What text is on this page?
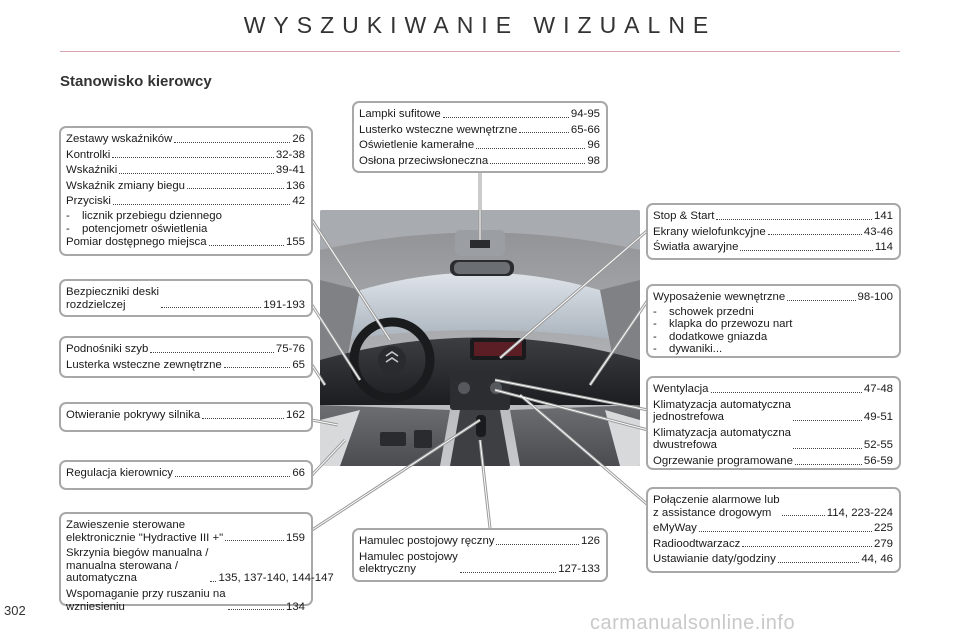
WYSZUKIWANIE WIZUALNE
Stanowisko kierowcy
Zestawy wskaźników	26
Kontrolki	32-38
Wskaźniki	39-41
Wskaźnik zmiany biegu	136
Przyciski	42
-	licznik przebiegu dziennego
-	potencjometr oświetlenia
Pomiar dostępnego miejsca	155
Bezpieczniki deski
rozdzielczej	191-193
Podnośniki szyb	75-76
Lusterka wsteczne zewnętrzne	65
Otwieranie pokrywy silnika	162
Regulacja kierownicy	66
Zawieszenie sterowane
elektronicznie "Hydractive III +"	159
Skrzynia biegów manualna /
manualna sterowana /
automatyczna	135, 137-140, 144-147
Wspomaganie przy ruszaniu na
wzniesieniu	134
Lampki sufitowe	94-95
Lusterko wsteczne wewnętrzne	65-66
Oświetlenie kamerałne	96
Osłona przeciwsłoneczna	98
Hamulec postojowy ręczny	126
Hamulec postojowy
elektryczny	127-133
Stop & Start	141
Ekrany wielofunkcyjne	43-46
Światła awaryjne	114
Wyposażenie wewnętrzne	98-100
-	schowek przedni
-	klapka do przewozu nart
-	dodatkowe gniazda
-	dywaniki...
Wentylacja	47-48
Klimatyzacja automatyczna
jednostrefowa	49-51
Klimatyzacja automatyczna
dwustrefowa	52-55
Ogrzewanie programowane	56-59
Połączenie alarmowe lub
z assistance drogowym	114, 223-224
eMyWay	225
Radioodtwarzacz	279
Ustawianie daty/godziny	44, 46
302
carmanualsonline.info
